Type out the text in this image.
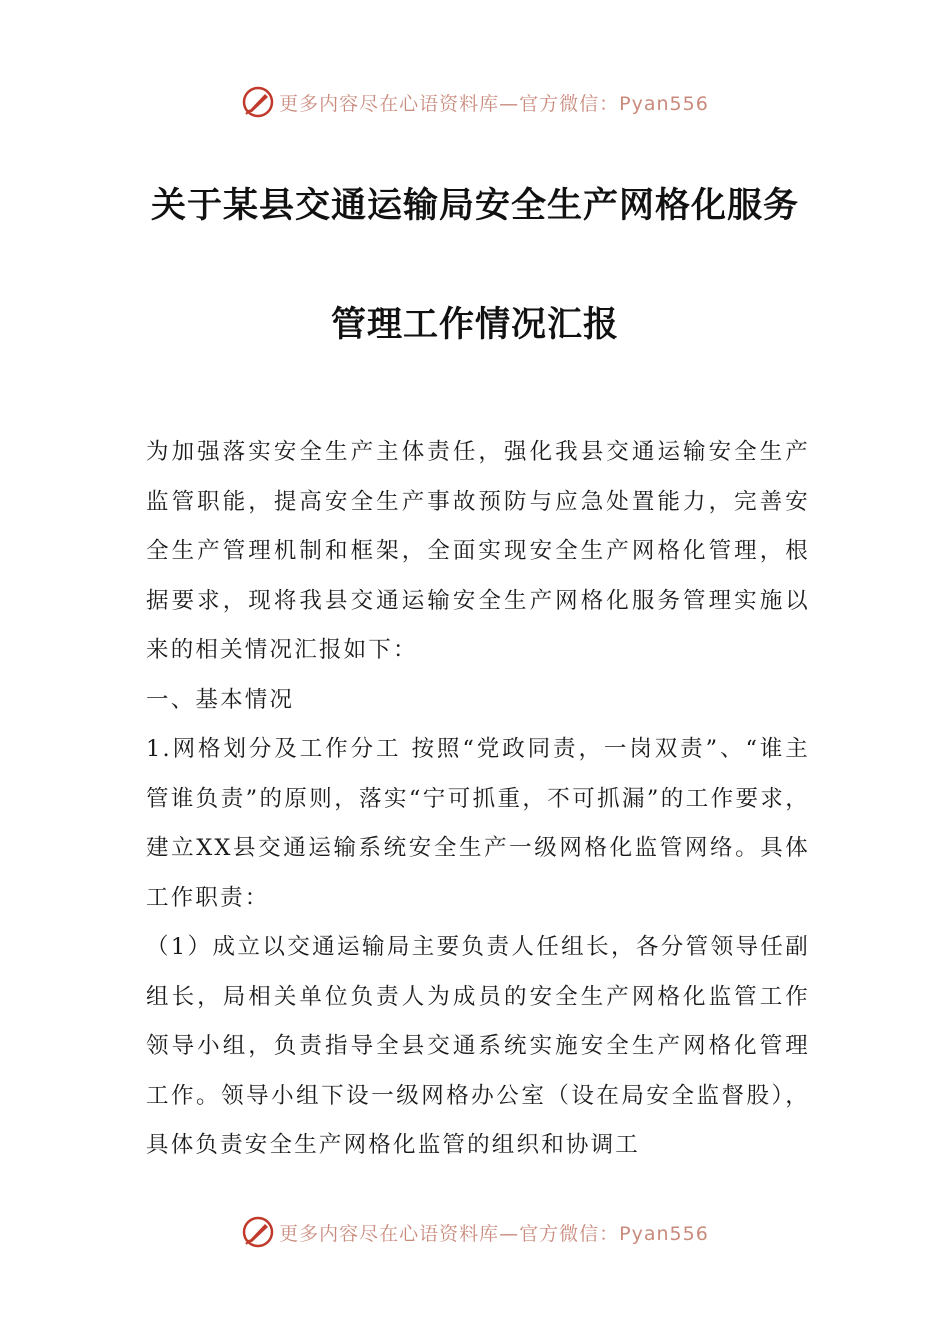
更多内容尽在心语资料库—官方微信：Pyan556
关于某县交通运输局安全生产网格化服务
管理工作情况汇报

为加强落实安全生产主体责任，强化我县交通运输安全生产监管职能，提高安全生产事故预防与应急处置能力，完善安全生产管理机制和框架，全面实现安全生产网格化管理，根据要求，现将我县交通运输安全生产网格化服务管理实施以来的相关情况汇报如下：

一、基本情况

1.网格划分及工作分工 按照“党政同责，一岗双责”、“谁主管谁负责”的原则，落实“宁可抓重，不可抓漏”的工作要求，建立XX县交通运输系统安全生产一级网格化监管网络。具体工作职责：

（1）成立以交通运输局主要负责人任组长，各分管领导任副组长，局相关单位负责人为成员的安全生产网格化监管工作领导小组，负责指导全县交通系统实施安全生产网格化管理工作。领导小组下设一级网格办公室（设在局安全监督股），具体负责安全生产网格化监管的组织和协调工

更多内容尽在心语资料库—官方微信：Pyan556
